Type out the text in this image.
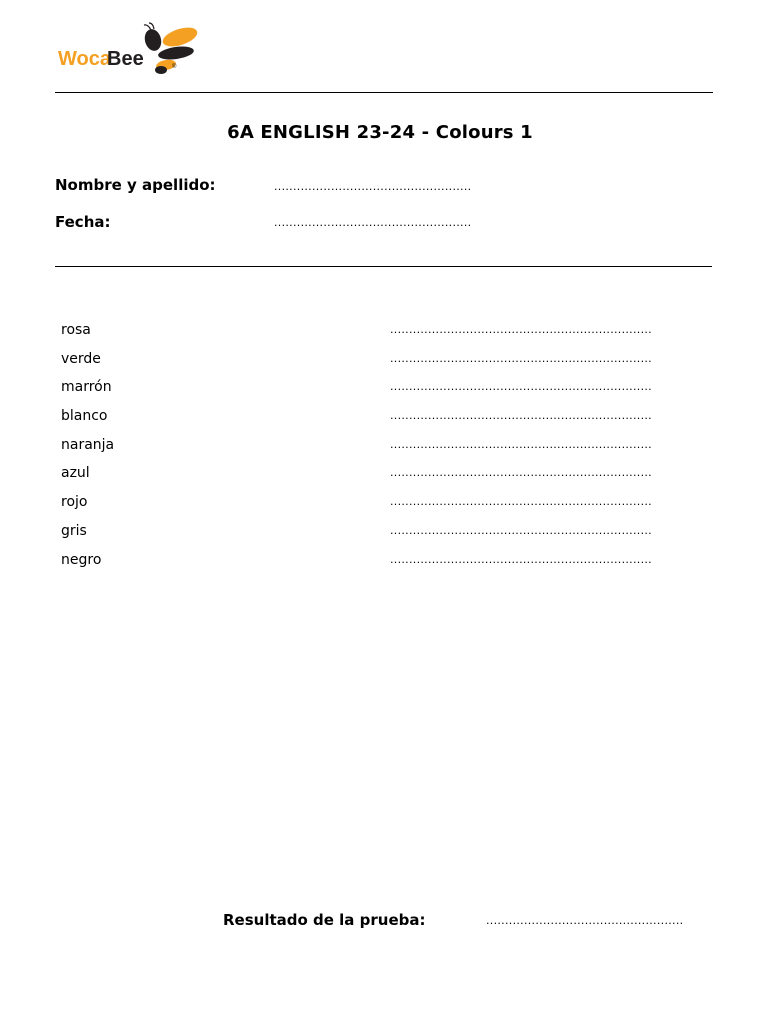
Woca
Bee	®
6A ENGLISH 23-24 - Colours 1
Nombre y apellido:	....................................................
Fecha:	....................................................
rosa	.....................................................................
verde	.....................................................................
marrón	.....................................................................
blanco	.....................................................................
naranja	.....................................................................
azul	.....................................................................
rojo	.....................................................................
gris	.....................................................................
negro	.....................................................................
Resultado de la prueba:	....................................................
